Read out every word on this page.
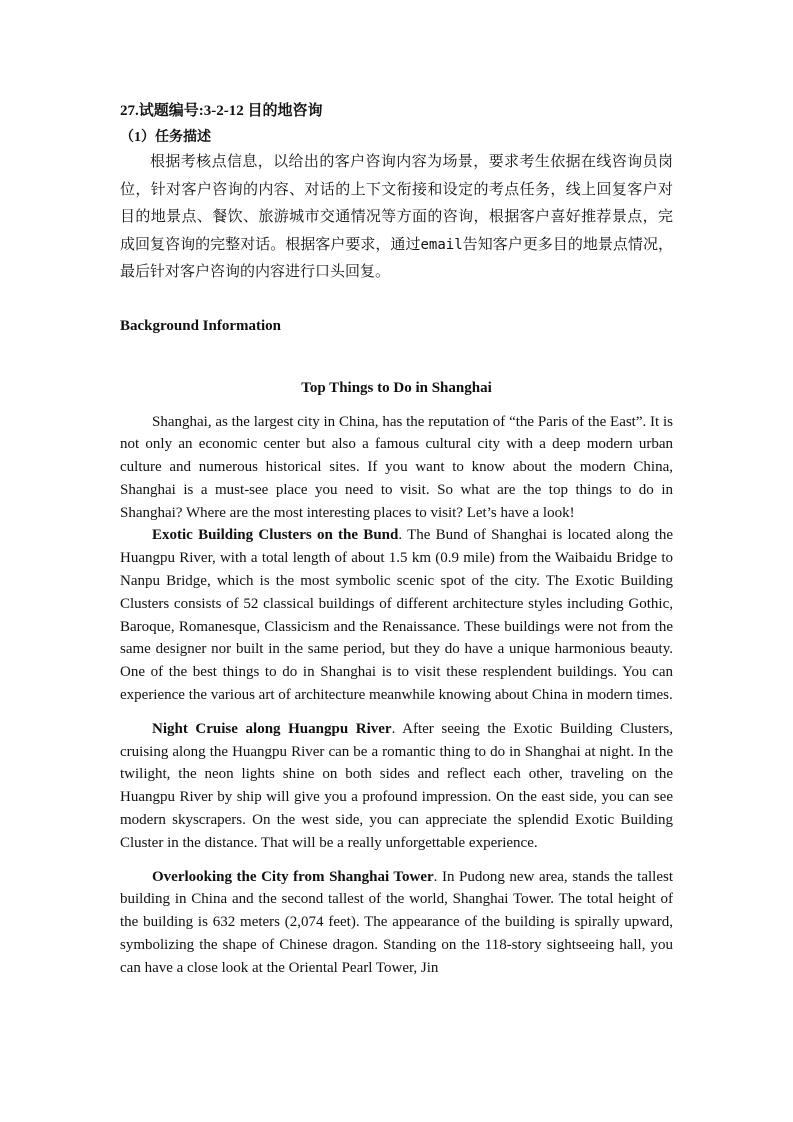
27.试题编号:3-2-12 目的地咨询

（1）任务描述

根据考核点信息，以给出的客户咨询内容为场景，要求考生依据在线咨询员岗位，针对客户咨询的内容、对话的上下文衔接和设定的考点任务，线上回复客户对目的地景点、餐饮、旅游城市交通情况等方面的咨询，根据客户喜好推荐景点，完成回复咨询的完整对话。根据客户要求，通过email告知客户更多目的地景点情况，最后针对客户咨询的内容进行口头回复。

Background Information

Top Things to Do in Shanghai

Shanghai, as the largest city in China, has the reputation of “the Paris of the East”. It is not only an economic center but also a famous cultural city with a deep modern urban culture and numerous historical sites. If you want to know about the modern China, Shanghai is a must-see place you need to visit. So what are the top things to do in Shanghai? Where are the most interesting places to visit? Let’s have a look!

Exotic Building Clusters on the Bund. The Bund of Shanghai is located along the Huangpu River, with a total length of about 1.5 km (0.9 mile) from the Waibaidu Bridge to Nanpu Bridge, which is the most symbolic scenic spot of the city. The Exotic Building Clusters consists of 52 classical buildings of different architecture styles including Gothic, Baroque, Romanesque, Classicism and the Renaissance. These buildings were not from the same designer nor built in the same period, but they do have a unique harmonious beauty. One of the best things to do in Shanghai is to visit these resplendent buildings. You can experience the various art of architecture meanwhile knowing about China in modern times.

Night Cruise along Huangpu River. After seeing the Exotic Building Clusters, cruising along the Huangpu River can be a romantic thing to do in Shanghai at night. In the twilight, the neon lights shine on both sides and reflect each other, traveling on the Huangpu River by ship will give you a profound impression. On the east side, you can see modern skyscrapers. On the west side, you can appreciate the splendid Exotic Building Cluster in the distance. That will be a really unforgettable experience.

Overlooking the City from Shanghai Tower. In Pudong new area, stands the tallest building in China and the second tallest of the world, Shanghai Tower. The total height of the building is 632 meters (2,074 feet). The appearance of the building is spirally upward, symbolizing the shape of Chinese dragon. Standing on the 118-story sightseeing hall, you can have a close look at the Oriental Pearl Tower, Jin
